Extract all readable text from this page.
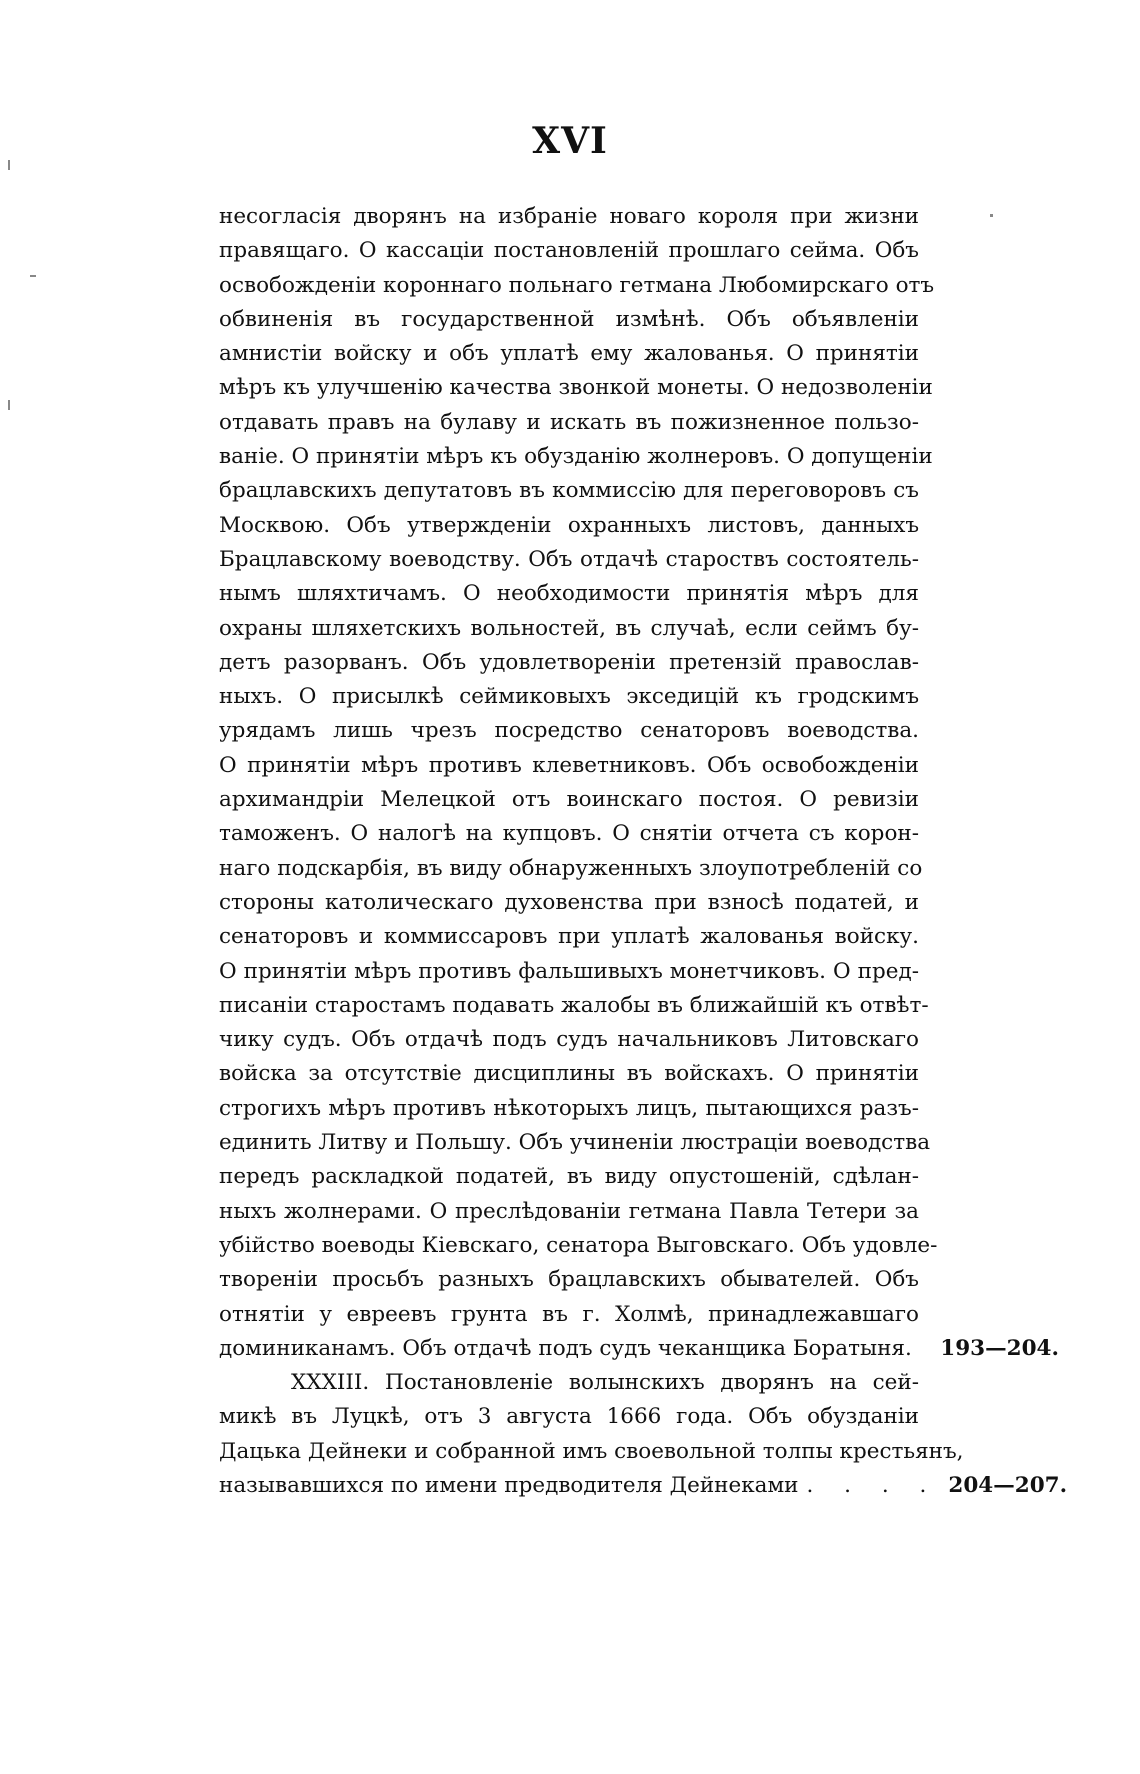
XVI
несогласія дворянъ на избраніе новаго короля при жизни
правящаго. О кассаціи постановленій прошлаго сейма. Объ
освобожденіи короннаго польнаго гетмана Любомирскаго отъ
обвиненія въ государственной измѣнѣ. Объ объявленіи
амнистіи войску и объ уплатѣ ему жалованья. О принятіи
мѣръ къ улучшенію качества звонкой монеты. О недозволеніи
отдавать правъ на булаву и искать въ пожизненное пользо-
ваніе. О принятіи мѣръ къ обузданію жолнеровъ. О допущеніи
брацлавскихъ депутатовъ въ коммиссію для переговоровъ съ
Москвою. Объ утвержденіи охранныхъ листовъ, данныхъ
Брацлавскому воеводству. Объ отдачѣ староствъ состоятель-
нымъ шляхтичамъ. О необходимости принятія мѣръ для
охраны шляхетскихъ вольностей, въ случаѣ, если сеймъ бу-
детъ разорванъ. Объ удовлетвореніи претензій православ-
ныхъ. О присылкѣ сеймиковыхъ экседицій къ гродскимъ
урядамъ лишь чрезъ посредство сенаторовъ воеводства.
О принятіи мѣръ противъ клеветниковъ. Объ освобожденіи
архимандріи Мелецкой отъ воинскаго постоя. О ревизіи
таможенъ. О налогѣ на купцовъ. О снятіи отчета съ корон-
наго подскарбія, въ виду обнаруженныхъ злоупотребленій со
стороны католическаго духовенства при взносѣ податей, и
сенаторовъ и коммиссаровъ при уплатѣ жалованья войску.
О принятіи мѣръ противъ фальшивыхъ монетчиковъ. О пред-
писаніи старостамъ подавать жалобы въ ближайшій къ отвѣт-
чику судъ. Объ отдачѣ подъ судъ начальниковъ Литовскаго
войска за отсутствіе дисциплины въ войскахъ. О принятіи
строгихъ мѣръ противъ нѣкоторыхъ лицъ, пытающихся разъ-
единить Литву и Польшу. Объ учиненіи люстраціи воеводства
передъ раскладкой податей, въ виду опустошеній, сдѣлан-
ныхъ жолнерами. О преслѣдованіи гетмана Павла Тетери за
убійство воеводы Кіевскаго, сенатора Выговскаго. Объ удовле-
твореніи просьбъ разныхъ брацлавскихъ обывателей. Объ
отнятіи у евреевъ грунта въ г. Холмѣ, принадлежавшаго
доминиканамъ. Объ отдачѣ подъ судъ чеканщика Боратыня.	193—204.
XXXIII. Постановленіе волынскихъ дворянъ на сей-
микѣ въ Луцкѣ, отъ 3 августа 1666 года. Объ обузданіи
Дацька Дейнеки и собранной имъ своевольной толпы крестьянъ,
называвшихся по имени предводителя Дейнеками . . . . 204—207.
